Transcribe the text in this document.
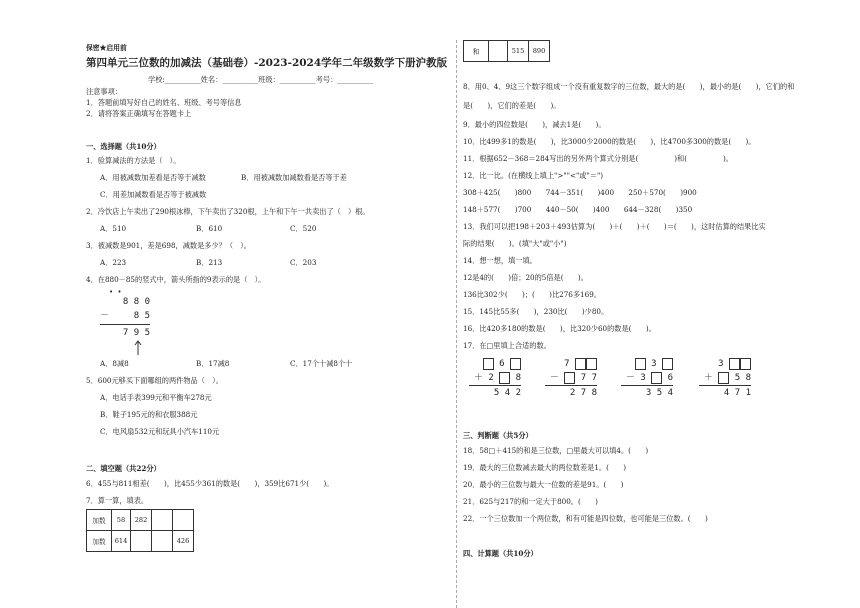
保密★启用前
第四单元三位数的加减法（基础卷）-2023-2024学年二年级数学下册沪教版
学校:__________姓名：__________班级：__________考号：__________
注意事项：
1．答题前填写好自己的姓名、班级、考号等信息
2．请将答案正确填写在答题卡上
一、选择题（共10分）
1．验算减法的方法是（　）。
A．用被减数加差看是否等于减数	B．用被减数加减数看是否等于差
C．用差加减数看是否等于被减数
2．冷饮店上午卖出了290根冰棒，下午卖出了320根，上午和下午一共卖出了（　）根。
A．510	B．610	C．520
3．被减数是901，差是698，减数是多少？（　）。
A．223	B．213	C．203
4．在880－85的竖式中，箭头所指的9表示的是（　）。
• •
8 8 0
－	8 5
7 9 5
A．8减8	B．17减8	C．17个十减8个十
5．600元够买下面哪组的两件物品（　）。
A．电话手表399元和平衡车278元
B．鞋子195元的和衣服388元
C．电风扇532元和玩具小汽车110元
二、填空题（共22分）
6．455与811相差(　　)，比455少361的数是(　　)，359比671少(　　)。
7．算一算，填表。
加数	58	282		
加数	614			426
和		515	890
8．用0、4、9这三个数字组成一个没有重复数字的三位数，最大的是(　　)，最小的是(　　)，它们的和
是(　　)，它们的差是(　　)。
9．最小的四位数是(　　)，减去1是(　　)。
10．比499多1的数是(　　)，比3000少2000的数是(　　)，比4700多300的数是(　　)。
11．根据652－368＝284写出的另外两个算式分别是(　　　　　)和(　　　　　)。
12．比一比。(在横线上填上">""<"或"＝")
308＋425(　　)800　　744－351(　　)400　　250＋570(　　)900
148＋577(　　)700　　440－50(　　)400　　644－328(　　)350
13．我们可以把198＋203＋493估算为(　　)＋(　　)＋(　　)＝(　　)，这时估算的结果比实
际的结果(　　)。(填"大"或"小")
14．想一想，填一填。
12是4的(　　)倍；20的5倍是(　　)。
136比302少(　　)；(　　)比276多169。
15．145比55多(　　)，230比(　　)少80。
16．比420多180的数是(　　)，比320少60的数是(　　)。
17．在□里填上合适的数。
6
＋ 2 8
5 4 2
7
－ 7 7
2 7 8
3
－ 3 6
3 5 4
3
＋ 5 8
4 7 1
三、判断题（共5分）
18．58□＋415的和是三位数，□里最大可以填4。(　　)
19．最大的三位数减去最大的两位数差是1。(　　)
20．最小的三位数与最大一位数的差是91。(　　)
21．625与217的和一定大于800。(　　)
22．一个三位数加一个两位数，和有可能是四位数，也可能是三位数。(　　)
四、计算题（共10分）
